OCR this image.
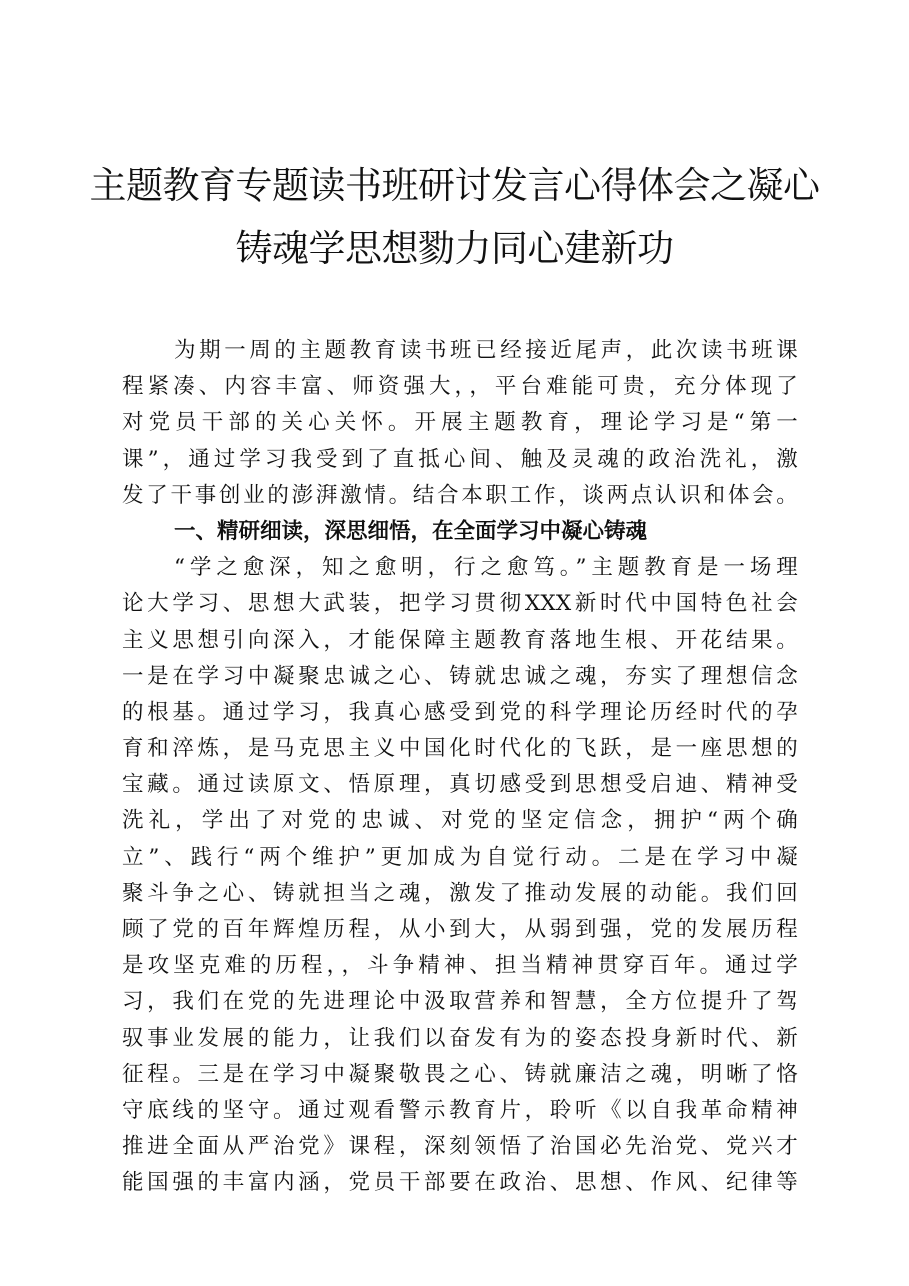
主题教育专题读书班研讨发言心得体会之凝心
铸魂学思想勠力同心建新功
为期一周的主题教育读书班已经接近尾声，此次读书班课
程紧凑、内容丰富、师资强大，，平台难能可贵，充分体现了
对党员干部的关心关怀。开展主题教育，理论学习是“第一
课”，通过学习我受到了直抵心间、触及灵魂的政治洗礼，激
发了干事创业的澎湃激情。结合本职工作，谈两点认识和体会。
一、精研细读，深思细悟，在全面学习中凝心铸魂
“学之愈深，知之愈明，行之愈笃。”主题教育是一场理
论大学习、思想大武装，把学习贯彻XXX新时代中国特色社会
主义思想引向深入，才能保障主题教育落地生根、开花结果。
一是在学习中凝聚忠诚之心、铸就忠诚之魂，夯实了理想信念
的根基。通过学习，我真心感受到党的科学理论历经时代的孕
育和淬炼，是马克思主义中国化时代化的飞跃，是一座思想的
宝藏。通过读原文、悟原理，真切感受到思想受启迪、精神受
洗礼，学出了对党的忠诚、对党的坚定信念，拥护“两个确
立”、践行“两个维护”更加成为自觉行动。二是在学习中凝
聚斗争之心、铸就担当之魂，激发了推动发展的动能。我们回
顾了党的百年辉煌历程，从小到大，从弱到强，党的发展历程
是攻坚克难的历程，，斗争精神、担当精神贯穿百年。通过学
习，我们在党的先进理论中汲取营养和智慧，全方位提升了驾
驭事业发展的能力，让我们以奋发有为的姿态投身新时代、新
征程。三是在学习中凝聚敬畏之心、铸就廉洁之魂，明晰了恪
守底线的坚守。通过观看警示教育片，聆听《以自我革命精神
推进全面从严治党》课程，深刻领悟了治国必先治党、党兴才
能国强的丰富内涵，党员干部要在政治、思想、作风、纪律等
